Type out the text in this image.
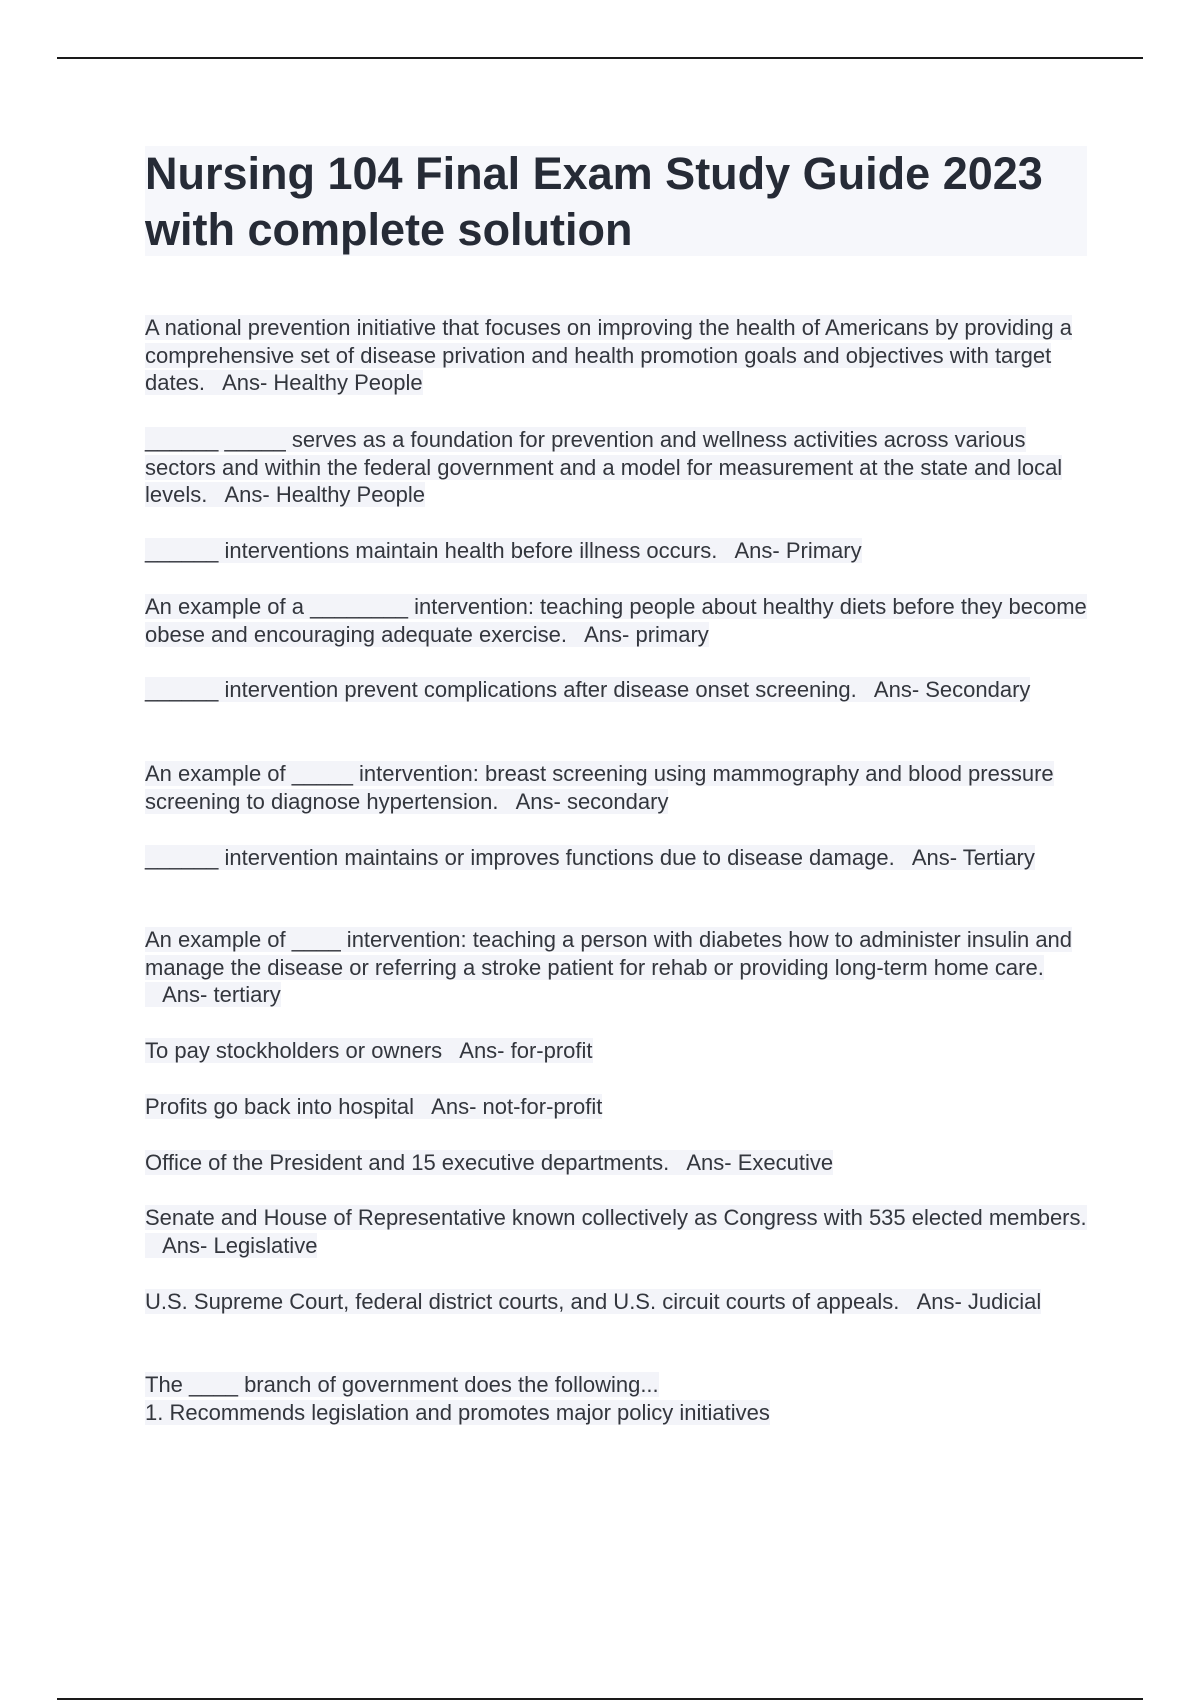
Nursing 104 Final Exam Study Guide 2023 with complete solution

A national prevention initiative that focuses on improving the health of Americans by providing a comprehensive set of disease privation and health promotion goals and objectives with target dates. Ans- Healthy People

______ _____ serves as a foundation for prevention and wellness activities across various sectors and within the federal government and a model for measurement at the state and local levels. Ans- Healthy People

______ interventions maintain health before illness occurs. Ans- Primary

An example of a ________ intervention: teaching people about healthy diets before they become obese and encouraging adequate exercise. Ans- primary

______ intervention prevent complications after disease onset screening. Ans- Secondary

An example of _____ intervention: breast screening using mammography and blood pressure screening to diagnose hypertension. Ans- secondary

______ intervention maintains or improves functions due to disease damage. Ans- Tertiary

An example of ____ intervention: teaching a person with diabetes how to administer insulin and manage the disease or referring a stroke patient for rehab or providing long-term home care.   Ans- tertiary

To pay stockholders or owners Ans- for-profit

Profits go back into hospital Ans- not-for-profit

Office of the President and 15 executive departments. Ans- Executive

Senate and House of Representative known collectively as Congress with 535 elected members.   Ans- Legislative

U.S. Supreme Court, federal district courts, and U.S. circuit courts of appeals. Ans- Judicial

The ____ branch of government does the following...
1. Recommends legislation and promotes major policy initiatives
